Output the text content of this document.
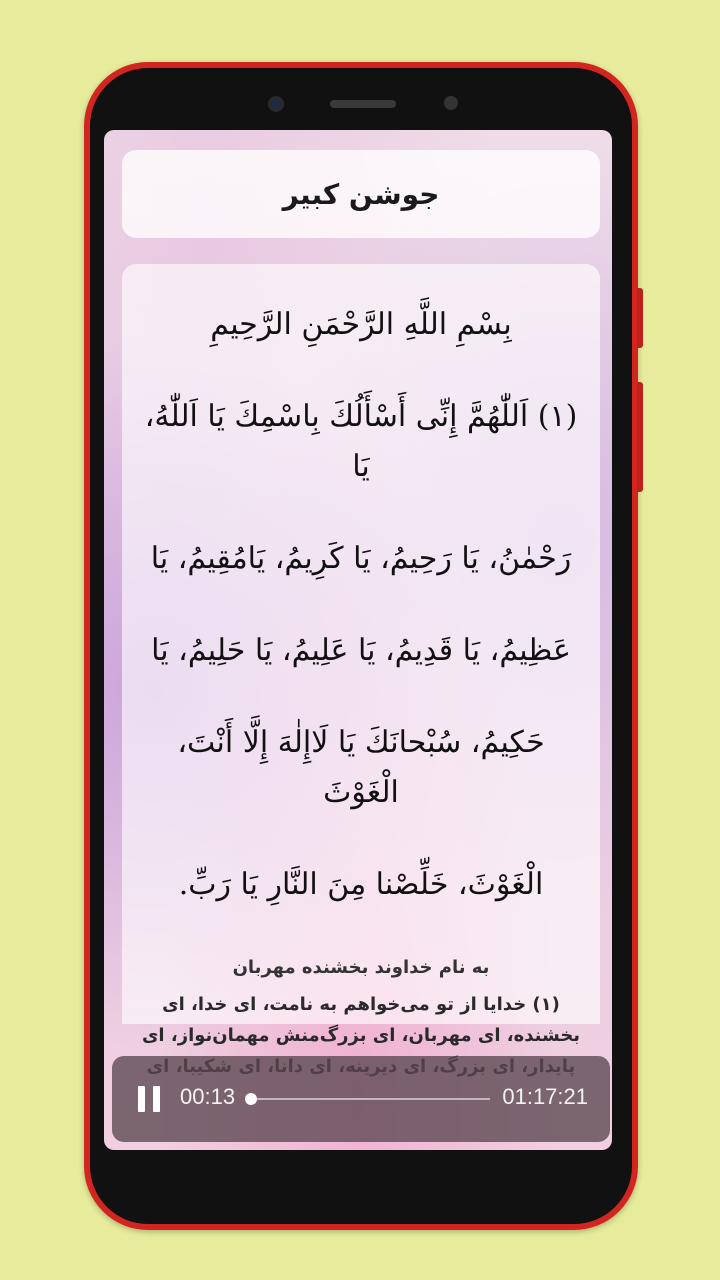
جوشن کبیر
بِسْمِ اللَّهِ الرَّحْمَنِ الرَّحِيمِ
(١) اَللّٰهُمَّ إِنِّى أَسْأَلُكَ بِاسْمِكَ يَا اَللّٰهُ، يَا
رَحْمٰنُ، يَا رَحِيمُ، يَا كَرِيمُ، يَامُقِيمُ، يَا
عَظِيمُ، يَا قَدِيمُ، يَا عَلِيمُ، يَا حَلِيمُ، يَا
حَكِيمُ، سُبْحانَكَ يَا لَاإِلٰهَ إِلَّا أَنْتَ، الْغَوْثَ
الْغَوْثَ، خَلِّصْنا مِنَ النَّارِ يَا رَبِّ.
به نام خداوند بخشنده مهربان
(١) خدایا از تو می‌خواهم به نامت، ای خدا، ای
بخشنده، ای مهربان، ای بزرگ‌منش مهمان‌نواز، ای
00:13	01:17:21
